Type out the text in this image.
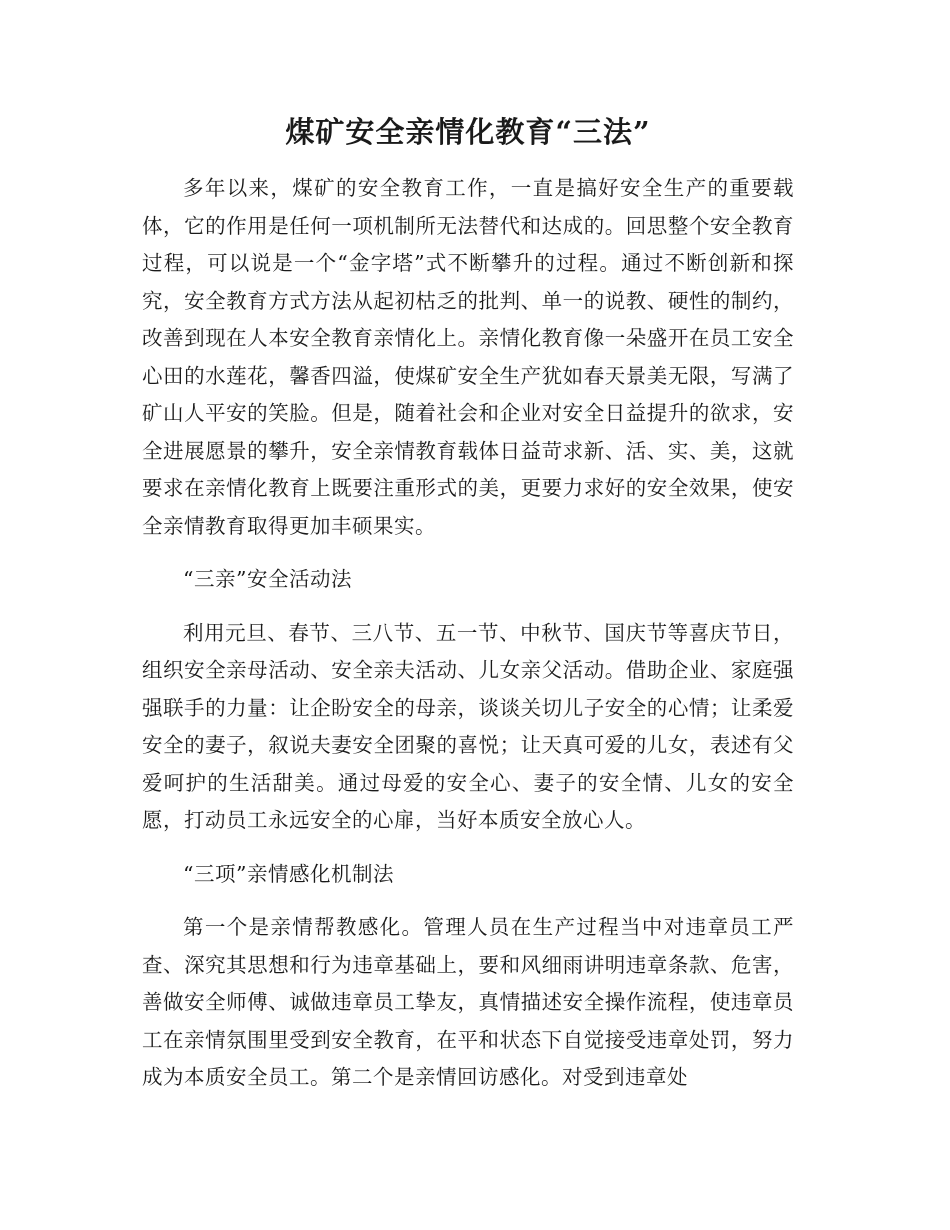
煤矿安全亲情化教育“三法”

多年以来，煤矿的安全教育工作，一直是搞好安全生产的重要载体，它的作用是任何一项机制所无法替代和达成的。回思整个安全教育过程，可以说是一个“金字塔”式不断攀升的过程。通过不断创新和探究，安全教育方式方法从起初枯乏的批判、单一的说教、硬性的制约，改善到现在人本安全教育亲情化上。亲情化教育像一朵盛开在员工安全心田的水莲花，馨香四溢，使煤矿安全生产犹如春天景美无限，写满了矿山人平安的笑脸。但是，随着社会和企业对安全日益提升的欲求，安全进展愿景的攀升，安全亲情教育载体日益苛求新、活、实、美，这就要求在亲情化教育上既要注重形式的美，更要力求好的安全效果，使安全亲情教育取得更加丰硕果实。

“三亲”安全活动法

利用元旦、春节、三八节、五一节、中秋节、国庆节等喜庆节日，组织安全亲母活动、安全亲夫活动、儿女亲父活动。借助企业、家庭强强联手的力量：让企盼安全的母亲，谈谈关切儿子安全的心情；让柔爱安全的妻子，叙说夫妻安全团聚的喜悦；让天真可爱的儿女，表述有父爱呵护的生活甜美。通过母爱的安全心、妻子的安全情、儿女的安全愿，打动员工永远安全的心扉，当好本质安全放心人。

“三项”亲情感化机制法

第一个是亲情帮教感化。管理人员在生产过程当中对违章员工严查、深究其思想和行为违章基础上，要和风细雨讲明违章条款、危害，善做安全师傅、诚做违章员工挚友，真情描述安全操作流程，使违章员工在亲情氛围里受到安全教育，在平和状态下自觉接受违章处罚，努力成为本质安全员工。第二个是亲情回访感化。对受到违章处
